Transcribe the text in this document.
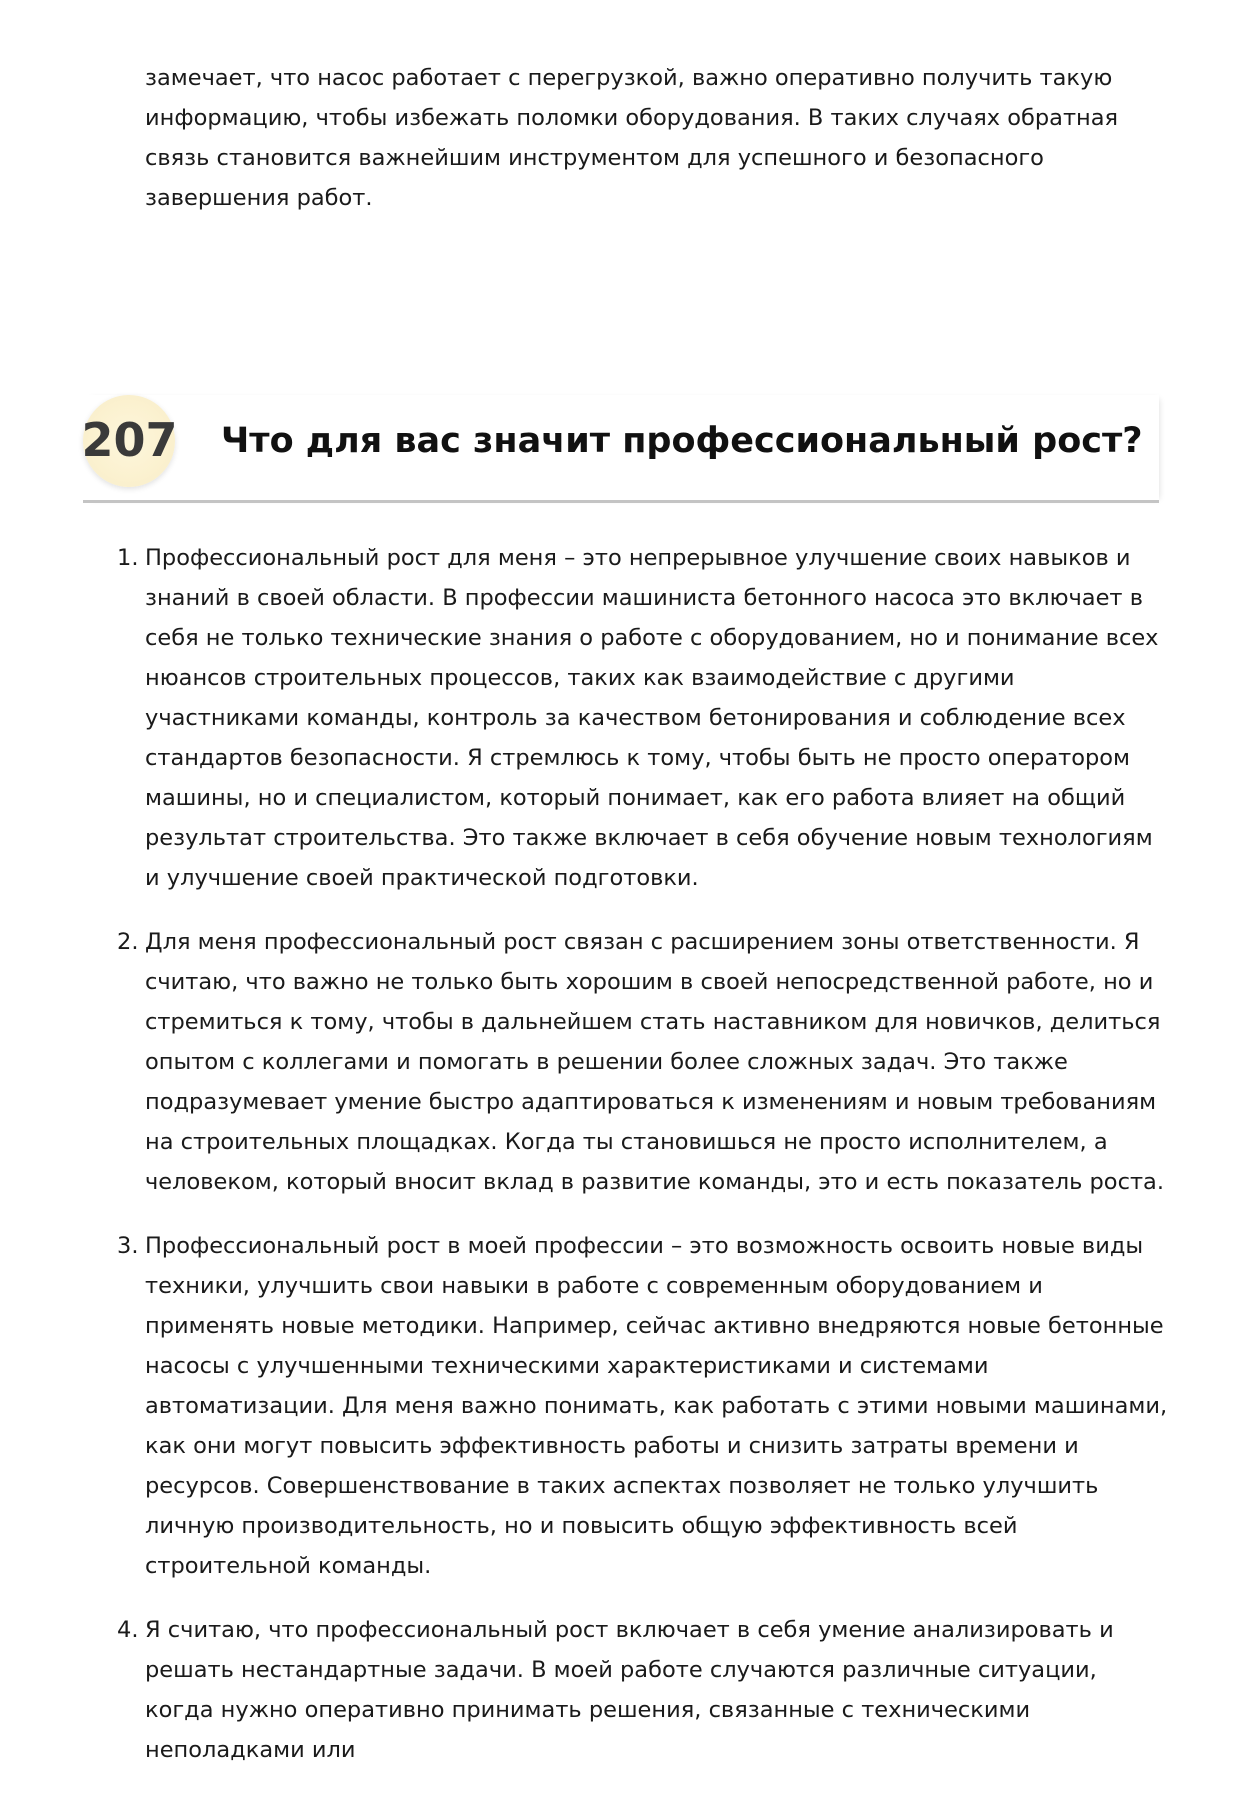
замечает, что насос работает с перегрузкой, важно оперативно получить такую информацию, чтобы избежать поломки оборудования. В таких случаях обратная связь становится важнейшим инструментом для успешного и безопасного завершения работ.

207 Что для вас значит профессиональный рост?
1. Профессиональный рост для меня – это непрерывное улучшение своих навыков и знаний в своей области. В профессии машиниста бетонного насоса это включает в себя не только технические знания о работе с оборудованием, но и понимание всех нюансов строительных процессов, таких как взаимодействие с другими участниками команды, контроль за качеством бетонирования и соблюдение всех стандартов безопасности. Я стремлюсь к тому, чтобы быть не просто оператором машины, но и специалистом, который понимает, как его работа влияет на общий результат строительства. Это также включает в себя обучение новым технологиям и улучшение своей практической подготовки.
2. Для меня профессиональный рост связан с расширением зоны ответственности. Я считаю, что важно не только быть хорошим в своей непосредственной работе, но и стремиться к тому, чтобы в дальнейшем стать наставником для новичков, делиться опытом с коллегами и помогать в решении более сложных задач. Это также подразумевает умение быстро адаптироваться к изменениям и новым требованиям на строительных площадках. Когда ты становишься не просто исполнителем, а человеком, который вносит вклад в развитие команды, это и есть показатель роста.
3. Профессиональный рост в моей профессии – это возможность освоить новые виды техники, улучшить свои навыки в работе с современным оборудованием и применять новые методики. Например, сейчас активно внедряются новые бетонные насосы с улучшенными техническими характеристиками и системами автоматизации. Для меня важно понимать, как работать с этими новыми машинами, как они могут повысить эффективность работы и снизить затраты времени и ресурсов. Совершенствование в таких аспектах позволяет не только улучшить личную производительность, но и повысить общую эффективность всей строительной команды.
4. Я считаю, что профессиональный рост включает в себя умение анализировать и решать нестандартные задачи. В моей работе случаются различные ситуации, когда нужно оперативно принимать решения, связанные с техническими неполадками или
